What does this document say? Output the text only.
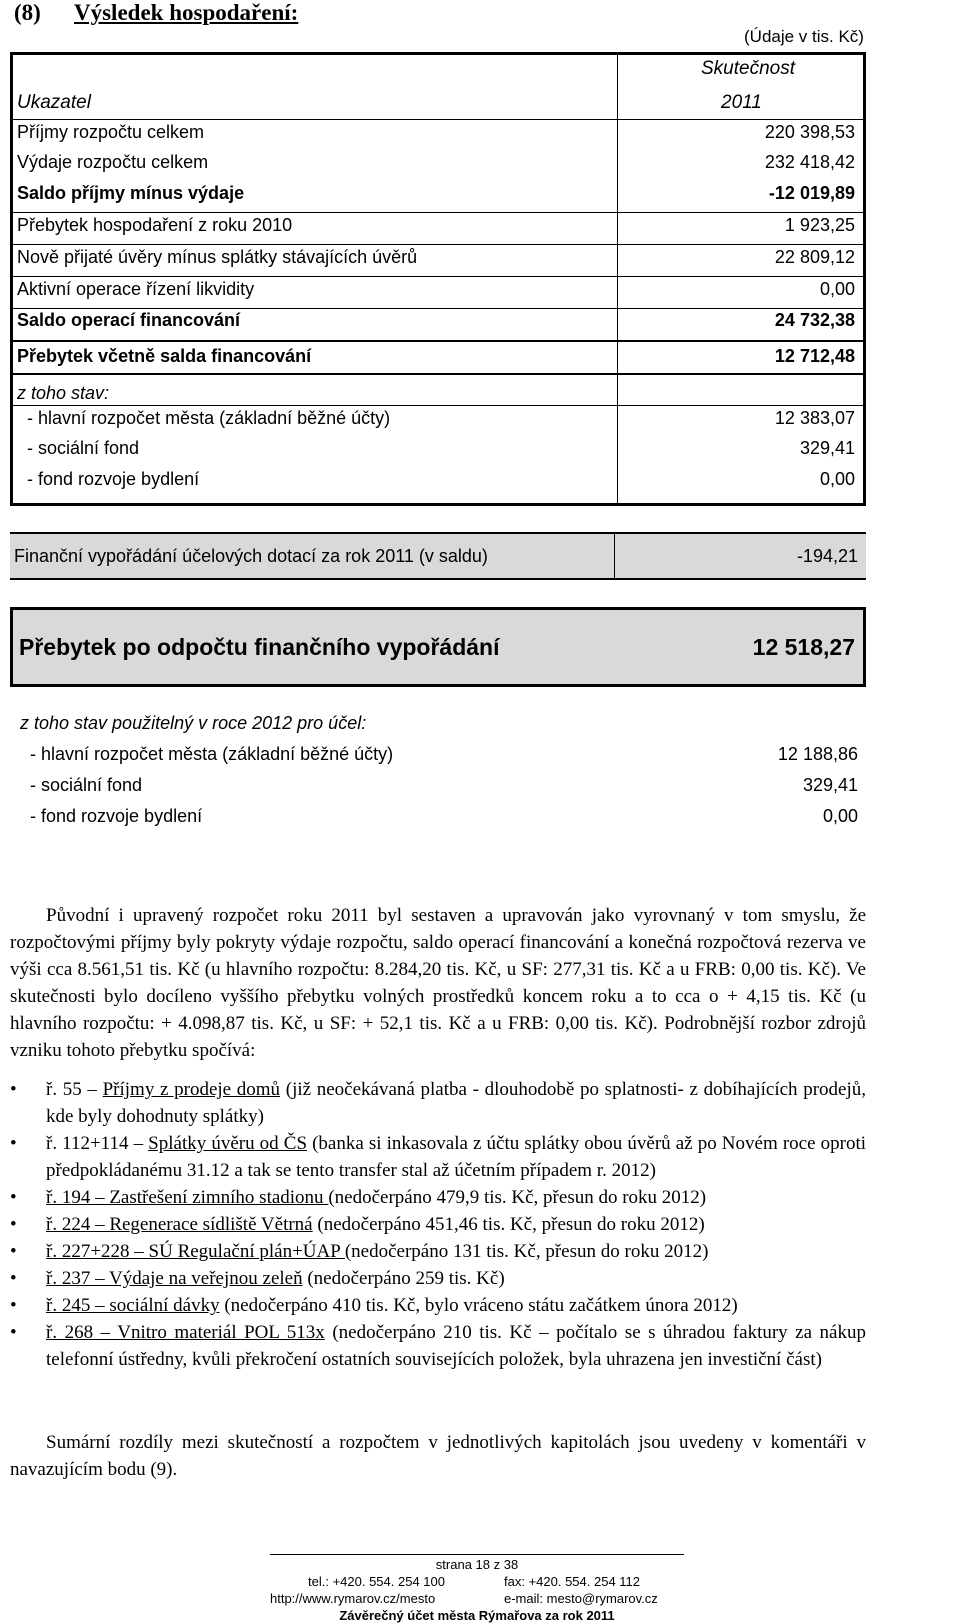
(8) Výsledek hospodaření:
(Údaje v tis. Kč)
Skutečnost
Ukazatel	2011
Příjmy rozpočtu celkem	220 398,53
Výdaje rozpočtu celkem	232 418,42
Saldo příjmy mínus výdaje	-12 019,89
Přebytek hospodaření z roku 2010	1 923,25
Nově přijaté úvěry mínus splátky stávajících úvěrů	22 809,12
Aktivní operace řízení likvidity	0,00
Saldo operací financování	24 732,38
Přebytek včetně salda financování	12 712,48
z toho stav:
- hlavní rozpočet města (základní běžné účty)	12 383,07
- sociální fond	329,41
- fond rozvoje bydlení	0,00
Finanční vypořádání účelových dotací za rok 2011 (v saldu)	-194,21
Přebytek po odpočtu finančního vypořádání	12 518,27
z toho stav použitelný v roce 2012 pro účel:
- hlavní rozpočet města (základní běžné účty)	12 188,86
- sociální fond	329,41
- fond rozvoje bydlení	0,00
Původní i upravený rozpočet roku 2011 byl sestaven a upravován jako vyrovnaný v tom smyslu, že rozpočtovými příjmy byly pokryty výdaje rozpočtu, saldo operací financování a konečná rozpočtová rezerva ve výši cca 8.561,51 tis. Kč (u hlavního rozpočtu: 8.284,20 tis. Kč, u SF: 277,31 tis. Kč a u FRB: 0,00 tis. Kč). Ve skutečnosti bylo docíleno vyššího přebytku volných prostředků koncem roku a to cca o + 4,15 tis. Kč (u hlavního rozpočtu: + 4.098,87 tis. Kč, u SF: + 52,1 tis. Kč a u FRB: 0,00 tis. Kč). Podrobnější rozbor zdrojů vzniku tohoto přebytku spočívá:
• ř. 55 – Příjmy z prodeje domů (již neočekávaná platba - dlouhodobě po splatnosti- z dobíhajících prodejů, kde byly dohodnuty splátky)
• ř. 112+114 – Splátky úvěru od ČS (banka si inkasovala z účtu splátky obou úvěrů až po Novém roce oproti předpokládanému 31.12 a tak se tento transfer stal až účetním případem r. 2012)
• ř. 194 – Zastřešení zimního stadionu (nedočerpáno 479,9 tis. Kč, přesun do roku 2012)
• ř. 224 – Regenerace sídliště Větrná (nedočerpáno 451,46 tis. Kč, přesun do roku 2012)
• ř. 227+228 – SÚ Regulační plán+ÚAP (nedočerpáno 131 tis. Kč, přesun do roku 2012)
• ř. 237 – Výdaje na veřejnou zeleň (nedočerpáno 259 tis. Kč)
• ř. 245 – sociální dávky (nedočerpáno 410 tis. Kč, bylo vráceno státu začátkem února 2012)
• ř. 268 – Vnitro materiál POL 513x (nedočerpáno 210 tis. Kč – počítalo se s úhradou faktury za nákup telefonní ústředny, kvůli překročení ostatních souvisejících položek, byla uhrazena jen investiční část)
Sumární rozdíly mezi skutečností a rozpočtem v jednotlivých kapitolách jsou uvedeny v komentáři v navazujícím bodu (9).
strana 18 z 38
tel.: +420. 554. 254 100	fax: +420. 554. 254 112
http://www.rymarov.cz/mesto	e-mail: mesto@rymarov.cz
Závěrečný účet města Rýmařova za rok 2011
